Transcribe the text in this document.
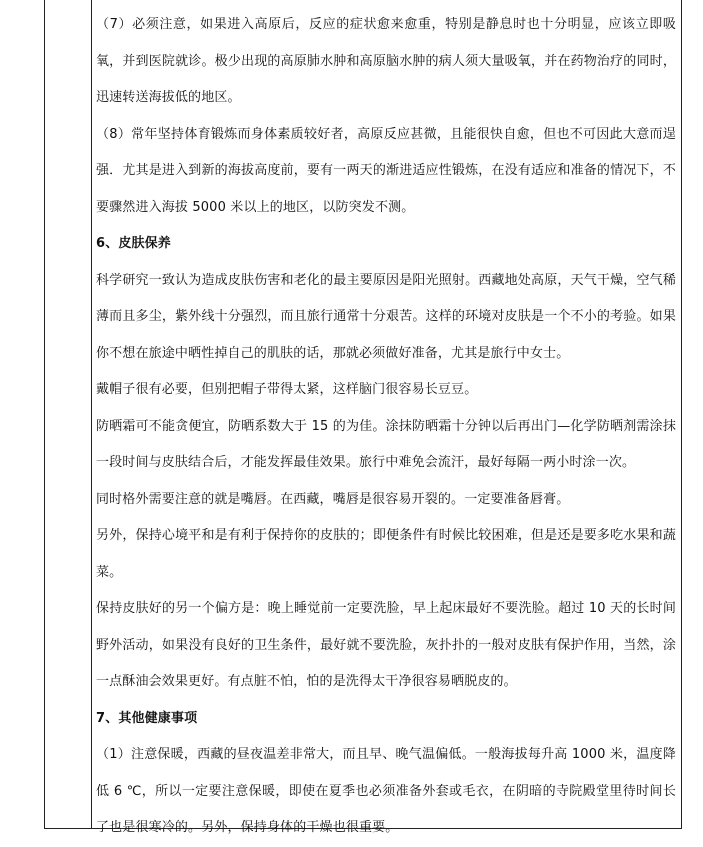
（7）必须注意，如果进入高原后，反应的症状愈来愈重，特别是静息时也十分明显，应该立即吸氧，并到医院就诊。极少出现的高原肺水肿和高原脑水肿的病人须大量吸氧，并在药物治疗的同时，迅速转送海拔低的地区。
（8）常年坚持体育锻炼而身体素质较好者，高原反应甚微，且能很快自愈，但也不可因此大意而逞强．尤其是进入到新的海拔高度前，要有一两天的渐进适应性锻炼，在没有适应和准备的情况下，不要骤然进入海拔 5000 米以上的地区，以防突发不测。
6、皮肤保养
科学研究一致认为造成皮肤伤害和老化的最主要原因是阳光照射。西藏地处高原，天气干燥，空气稀薄而且多尘，紫外线十分强烈，而且旅行通常十分艰苦。这样的环境对皮肤是一个不小的考验。如果你不想在旅途中晒性掉自己的肌肤的话，那就必须做好准备，尤其是旅行中女士。
戴帽子很有必要，但别把帽子带得太紧，这样脑门很容易长豆豆。
防晒霜可不能贪便宜，防晒系数大于 15 的为佳。涂抹防晒霜十分钟以后再出门—化学防晒剂需涂抹一段时间与皮肤结合后，才能发挥最佳效果。旅行中难免会流汗，最好每隔一两小时涂一次。
同时格外需要注意的就是嘴唇。在西藏，嘴唇是很容易开裂的。一定要准备唇膏。
另外，保持心境平和是有利于保持你的皮肤的；即便条件有时候比较困难，但是还是要多吃水果和蔬菜。
保持皮肤好的另一个偏方是：晚上睡觉前一定要洗脸，早上起床最好不要洗脸。超过 10 天的长时间野外活动，如果没有良好的卫生条件，最好就不要洗脸，灰扑扑的一般对皮肤有保护作用，当然，涂一点酥油会效果更好。有点脏不怕，怕的是洗得太干净很容易晒脱皮的。
7、其他健康事项
（1）注意保暖，西藏的昼夜温差非常大，而且早、晚气温偏低。一般海拔每升高 1000 米，温度降低 6 ℃，所以一定要注意保暖，即使在夏季也必须准备外套或毛衣，在阴暗的寺院殿堂里待时间长了也是很寒冷的。另外，保持身体的干燥也很重要。
